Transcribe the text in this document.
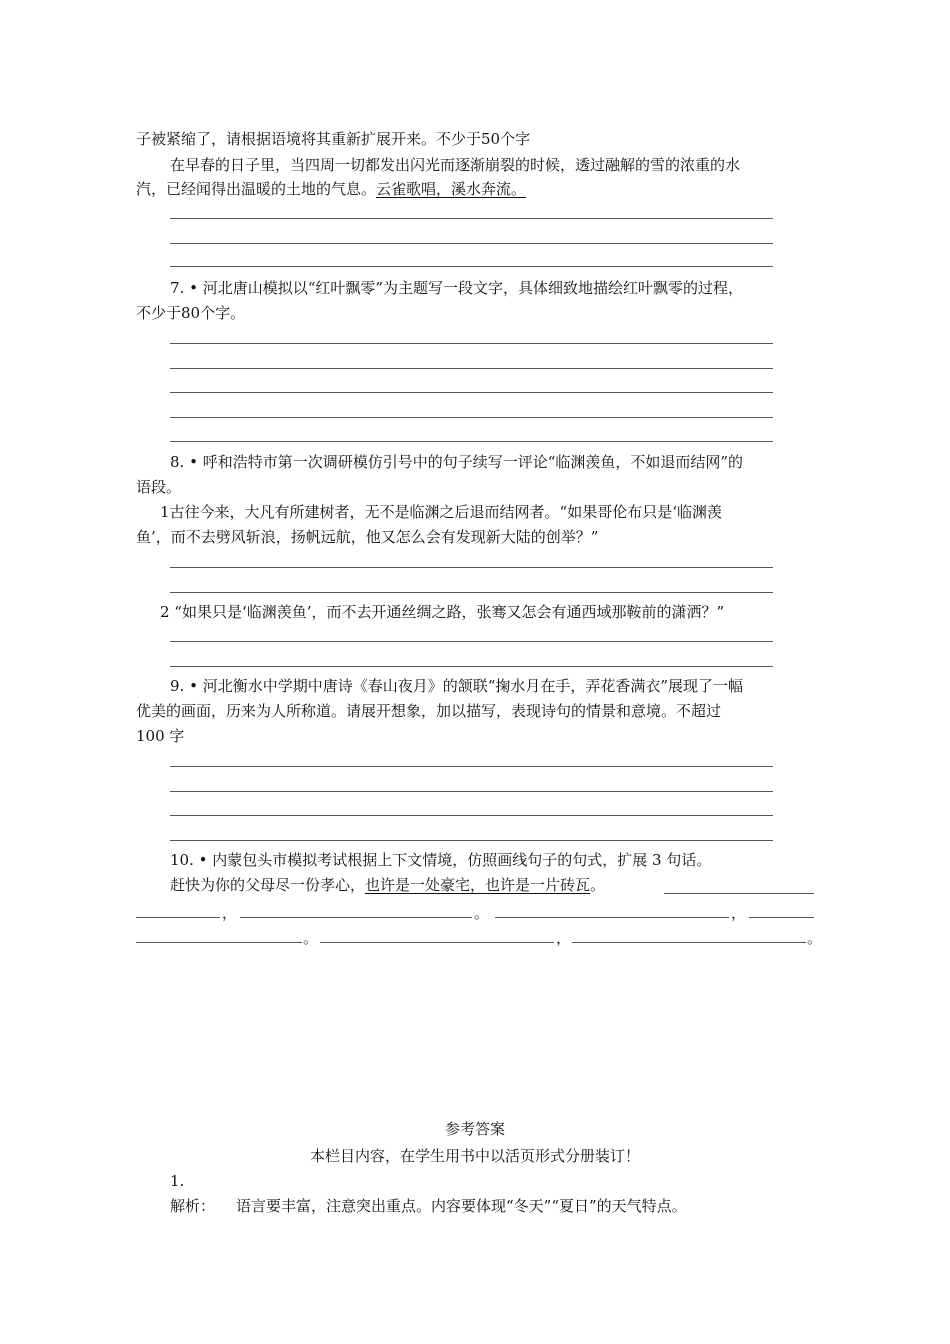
子被紧缩了，请根据语境将其重新扩展开来。不少于50个字
在早春的日子里，当四周一切都发出闪光而逐渐崩裂的时候，透过融解的雪的浓重的水
汽，已经闻得出温暖的土地的气息。云雀歌唱，溪水奔流。
7. • 河北唐山模拟以“红叶飘零”为主题写一段文字，具体细致地描绘红叶飘零的过程，
不少于80个字。
8. • 呼和浩特市第一次调研模仿引号中的句子续写一评论“临渊羡鱼，不如退而结网”的
语段。
1古往今来，大凡有所建树者，无不是临渊之后退而结网者。“如果哥伦布只是‘临渊羡
鱼’，而不去劈风斩浪，扬帆远航，他又怎么会有发现新大陆的创举？”
2 “如果只是‘临渊羡鱼’，而不去开通丝绸之路，张骞又怎会有通西域那鞍前的潇洒？”
9. • 河北衡水中学期中唐诗《春山夜月》的颔联“掬水月在手，弄花香满衣”展现了一幅
优美的画面，历来为人所称道。请展开想象，加以描写，表现诗句的情景和意境。不超过
100 字
10. • 内蒙包头市模拟考试根据上下文情境，仿照画线句子的句式，扩展 3 句话。
赶快为你的父母尽一份孝心，也许是一处豪宅，也许是一片砖瓦。
，	。	，
。	，	。
参考答案
本栏目内容，在学生用书中以活页形式分册装订！
1.
解析： 语言要丰富，注意突出重点。内容要体现“冬天”“夏日”的天气特点。
